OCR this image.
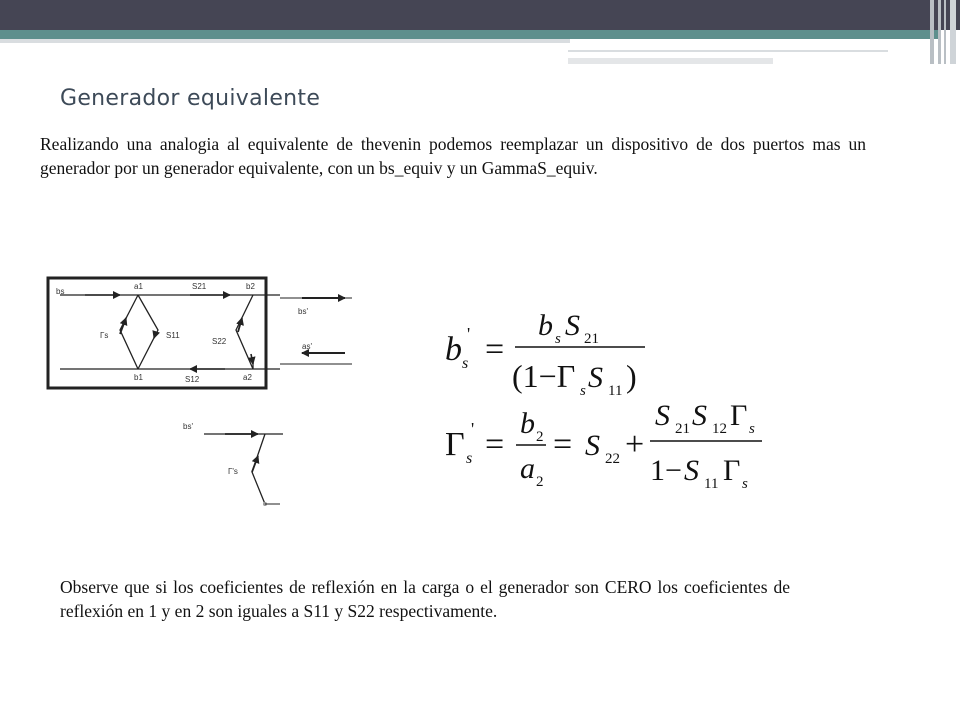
Generador equivalente
Realizando una analogia al equivalente de thevenin podemos reemplazar un dispositivo de dos puertos mas un generador por un generador equivalente, con un bs_equiv y un GammaS_equiv.
bs
a1
b1
b2
a2
S21
S12
S11
S22
Γs
bs'
as'
bs'
Γ's
b s
' =
b s S 21
(1−Γ s S 11 )
Γ s
' =
b 2
a 2
= S 22 +
S 21 S 12 Γ s
1− S 11 Γ s
Observe que si los coeficientes de reflexión en la carga o el generador son CERO los coeficientes de reflexión en 1 y en 2 son iguales a S11 y S22 respectivamente.
